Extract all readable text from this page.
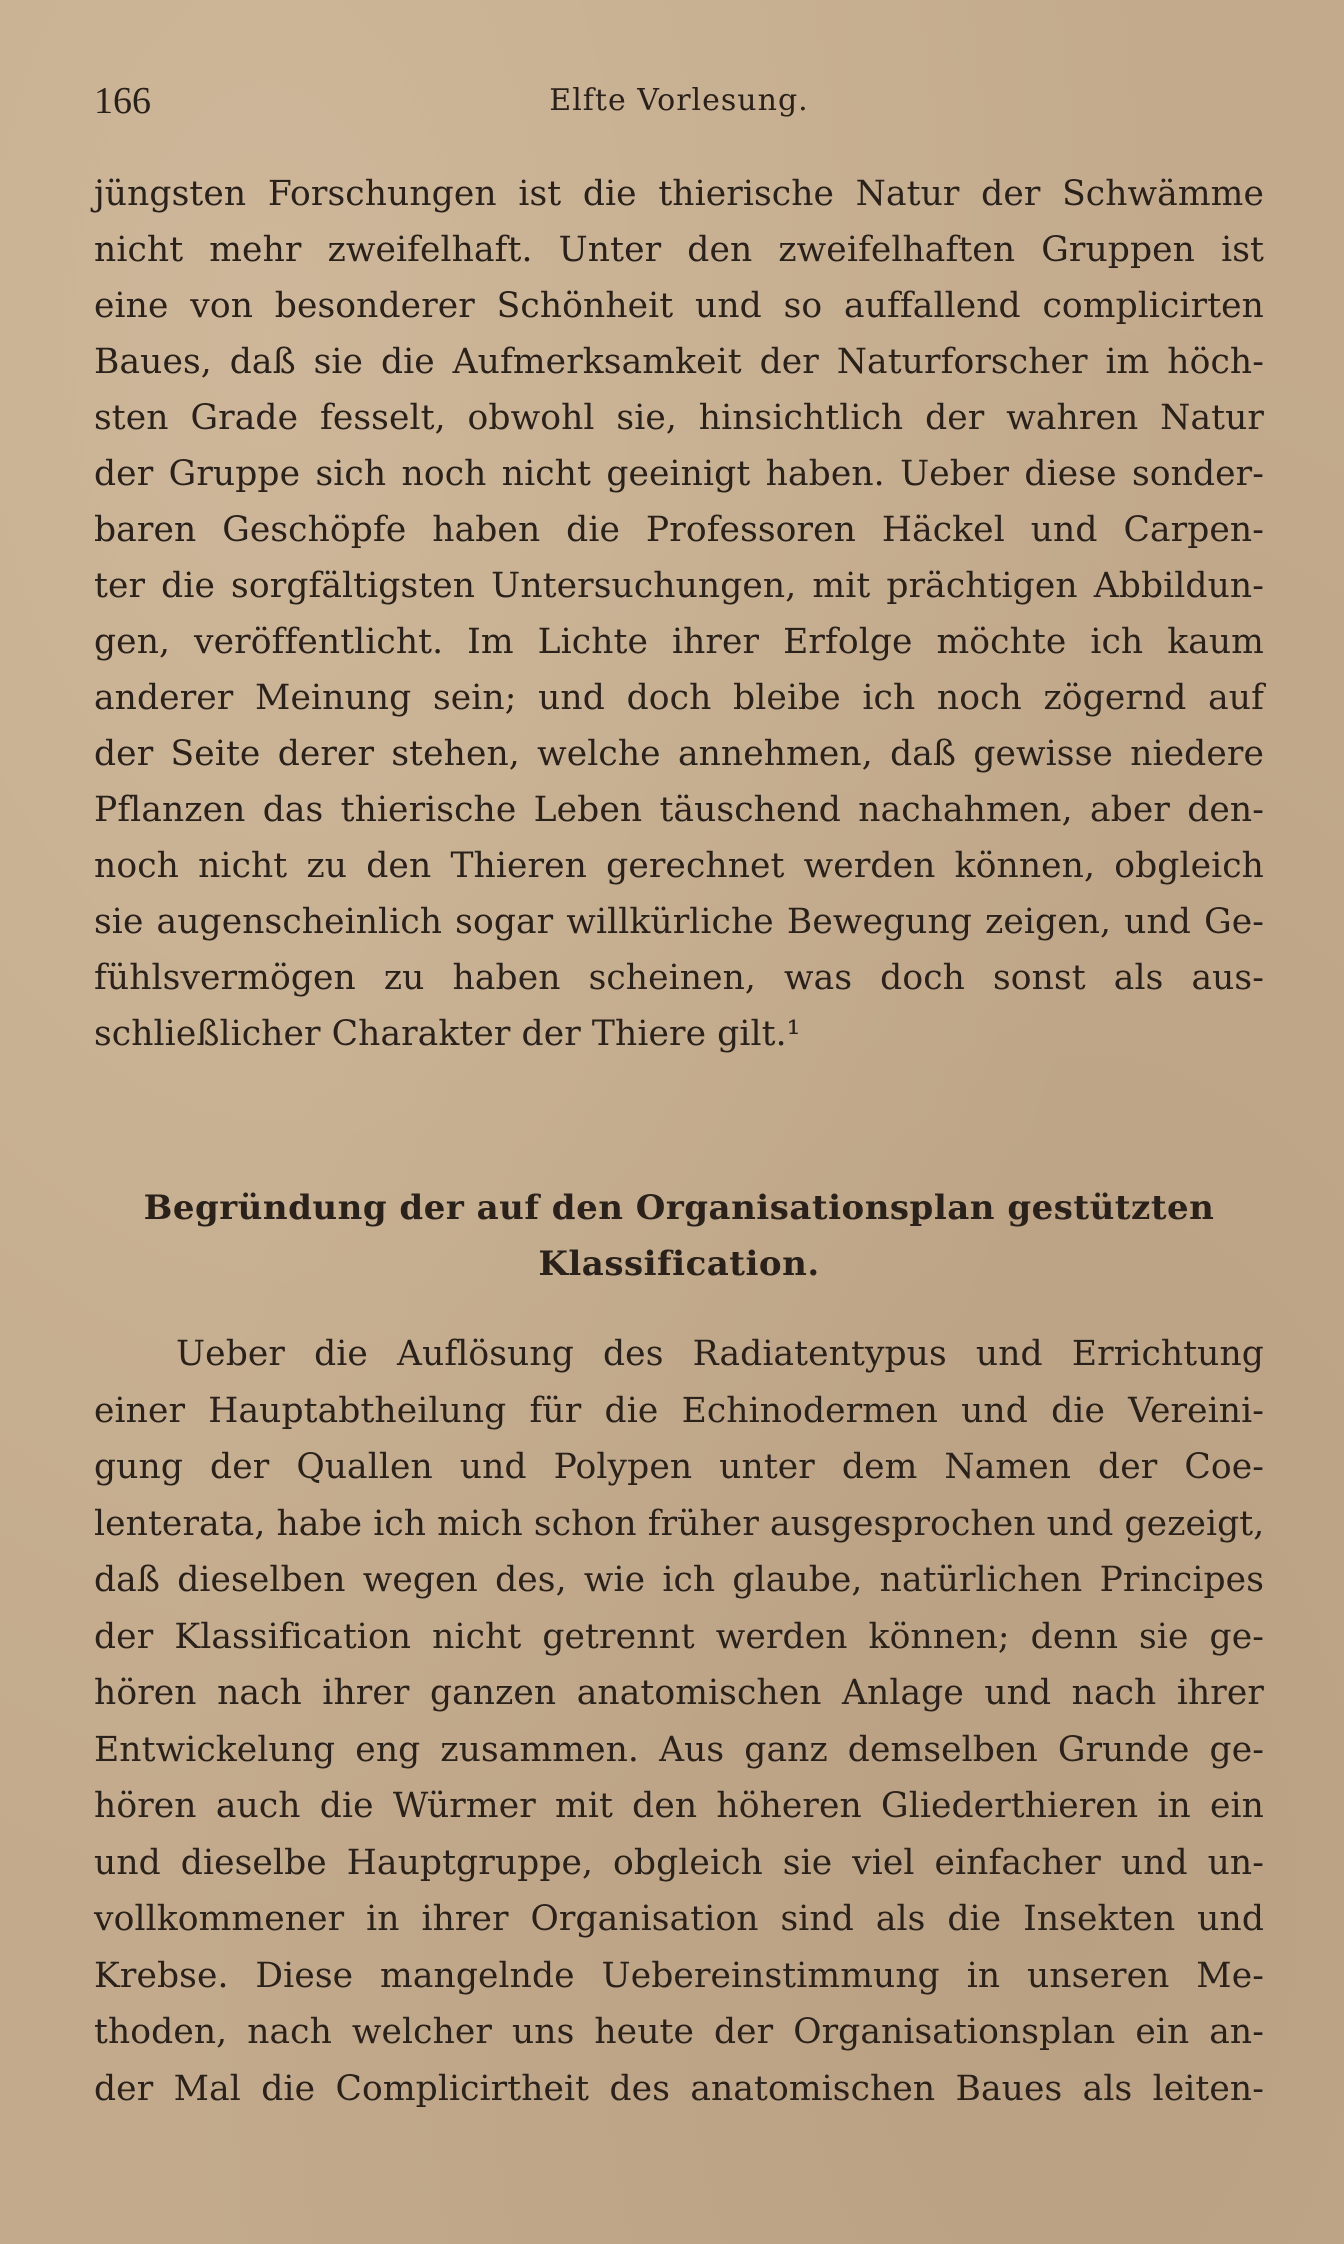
166	Elfte Vorlesung.
jüngsten Forschungen ist die thierische Natur der Schwämme
nicht mehr zweifelhaft. Unter den zweifelhaften Gruppen ist
eine von besonderer Schönheit und so auffallend complicirten
Baues, daß sie die Aufmerksamkeit der Naturforscher im höch-
sten Grade fesselt, obwohl sie, hinsichtlich der wahren Natur
der Gruppe sich noch nicht geeinigt haben. Ueber diese sonder-
baren Geschöpfe haben die Professoren Häckel und Carpen-
ter die sorgfältigsten Untersuchungen, mit prächtigen Abbildun-
gen, veröffentlicht. Im Lichte ihrer Erfolge möchte ich kaum
anderer Meinung sein; und doch bleibe ich noch zögernd auf
der Seite derer stehen, welche annehmen, daß gewisse niedere
Pflanzen das thierische Leben täuschend nachahmen, aber den-
noch nicht zu den Thieren gerechnet werden können, obgleich
sie augenscheinlich sogar willkürliche Bewegung zeigen, und Ge-
fühlsvermögen zu haben scheinen, was doch sonst als aus-
schließlicher Charakter der Thiere gilt.¹
Begründung der auf den Organisationsplan gestützten
Klassification.
Ueber die Auflösung des Radiatentypus und Errichtung
einer Hauptabtheilung für die Echinodermen und die Vereini-
gung der Quallen und Polypen unter dem Namen der Coe-
lenterata, habe ich mich schon früher ausgesprochen und gezeigt,
daß dieselben wegen des, wie ich glaube, natürlichen Principes
der Klassification nicht getrennt werden können; denn sie ge-
hören nach ihrer ganzen anatomischen Anlage und nach ihrer
Entwickelung eng zusammen. Aus ganz demselben Grunde ge-
hören auch die Würmer mit den höheren Gliederthieren in ein
und dieselbe Hauptgruppe, obgleich sie viel einfacher und un-
vollkommener in ihrer Organisation sind als die Insekten und
Krebse. Diese mangelnde Uebereinstimmung in unseren Me-
thoden, nach welcher uns heute der Organisationsplan ein an-
der Mal die Complicirtheit des anatomischen Baues als leiten-
